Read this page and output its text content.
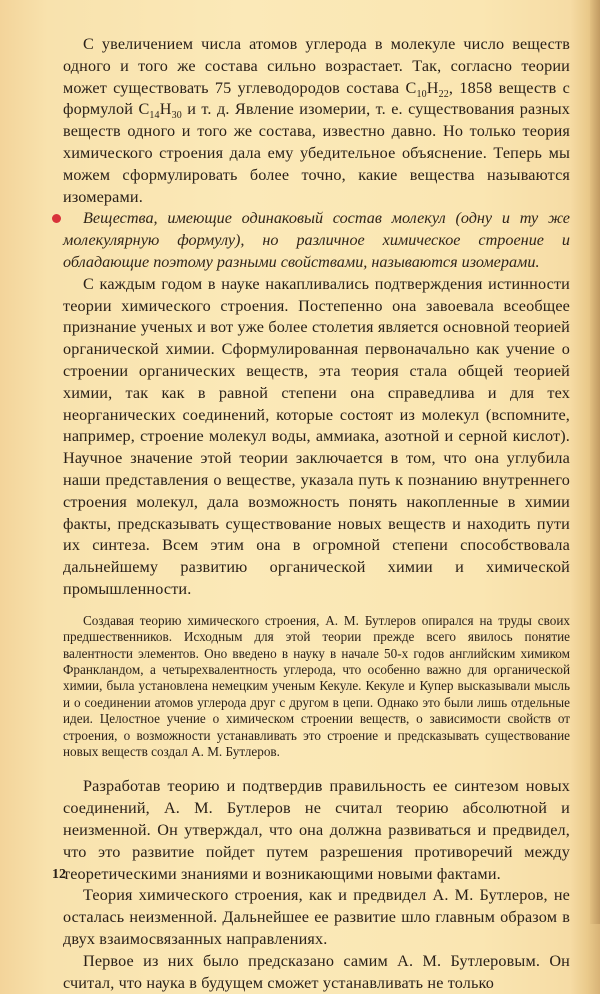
С увеличением числа атомов углерода в молекуле число веществ одного и того же состава сильно возрастает. Так, согласно теории может существовать 75 углеводородов состава $C_{10}H_{22}$, 1858 веществ с формулой $C_{14}H_{30}$ и т. д. Явление изомерии, т. е. существования разных веществ одного и того же состава, известно давно. Но только теория химического строения дала ему убедительное объяснение. Теперь мы можем сформулировать более точно, какие вещества называются изомерами.

Вещества, имеющие одинаковый состав молекул (одну и ту же молекулярную формулу), но различное химическое строение и обладающие поэтому разными свойствами, называются изомерами.

С каждым годом в науке накапливались подтверждения истинности теории химического строения. Постепенно она завоевала всеобщее признание ученых и вот уже более столетия является основной теорией органической химии. Сформулированная первоначально как учение о строении органических веществ, эта теория стала общей теорией химии, так как в равной степени она справедлива и для тех неорганических соединений, которые состоят из молекул (вспомните, например, строение молекул воды, аммиака, азотной и серной кислот). Научное значение этой теории заключается в том, что она углубила наши представления о веществе, указала путь к познанию внутреннего строения молекул, дала возможность понять накопленные в химии факты, предсказывать существование новых веществ и находить пути их синтеза. Всем этим она в огромной степени способствовала дальнейшему развитию органической химии и химической промышленности.

Создавая теорию химического строения, А. М. Бутлеров опирался на труды своих предшественников. Исходным для этой теории прежде всего явилось понятие валентности элементов. Оно введено в науку в начале 50-х годов английским химиком Франкландом, а четырехвалентность углерода, что особенно важно для органической химии, была установлена немецким ученым Кекуле. Кекуле и Купер высказывали мысль и о соединении атомов углерода друг с другом в цепи. Однако это были лишь отдельные идеи. Целостное учение о химическом строении веществ, о зависимости свойств от строения, о возможности устанавливать это строение и предсказывать существование новых веществ создал А. М. Бутлеров.

Разработав теорию и подтвердив правильность ее синтезом новых соединений, А. М. Бутлеров не считал теорию абсолютной и неизменной. Он утверждал, что она должна развиваться и предвидел, что это развитие пойдет путем разрешения противоречий между теоретическими знаниями и возникающими новыми фактами.

Теория химического строения, как и предвидел А. М. Бутлеров, не осталась неизменной. Дальнейшее ее развитие шло главным образом в двух взаимосвязанных направлениях.

Первое из них было предсказано самим А. М. Бутлеровым. Он считал, что наука в будущем сможет устанавливать не только

12
